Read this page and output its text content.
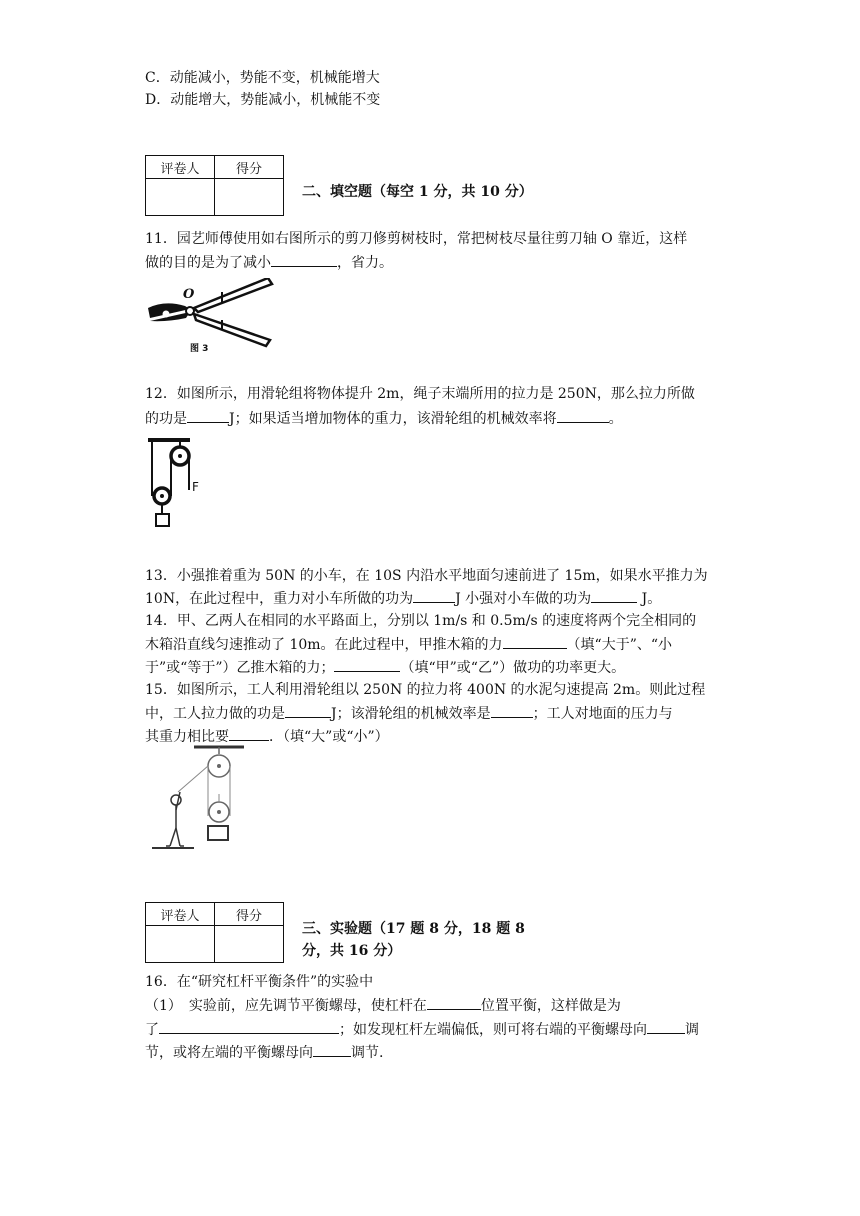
C．动能减小，势能不变，机械能增大
D．动能增大，势能减小，机械能不变
评卷人	得分

二、填空题（每空 1 分，共 10 分）
11．园艺师傅使用如右图所示的剪刀修剪树枝时，常把树枝尽量往剪刀轴 O 靠近，这样
做的目的是为了减小	，省力。
O
图 3
12．如图所示，用滑轮组将物体提升 2m，绳子末端所用的拉力是 250N，那么拉力所做
的功是	J；如果适当增加物体的重力，该滑轮组的机械效率将	。
F
13．小强推着重为 50N 的小车，在 10S 内沿水平地面匀速前进了 15m，如果水平推力为
10N，在此过程中，重力对小车所做的功为	J 小强对小车做的功为	J。
14．甲、乙两人在相同的水平路面上，分别以 1m/s 和 0.5m/s 的速度将两个完全相同的
木箱沿直线匀速推动了 10m。在此过程中，甲推木箱的力	（填“大于”、“小
于”或“等于”）乙推木箱的力；	（填“甲”或“乙”）做功的功率更大。
15．如图所示，工人利用滑轮组以 250N 的拉力将 400N 的水泥匀速提高 2m。则此过程
中，工人拉力做的功是	J；该滑轮组的机械效率是	；工人对地面的压力与
其重力相比要	．（填“大”或“小”）
评卷人	得分

三、实验题（17 题 8 分，18 题 8
分，共 16 分）
16．在“研究杠杆平衡条件”的实验中
（1）　实验前，应先调节平衡螺母，使杠杆在	位置平衡，这样做是为
了	；如发现杠杆左端偏低，则可将右端的平衡螺母向	调
节，或将左端的平衡螺母向	调节.
